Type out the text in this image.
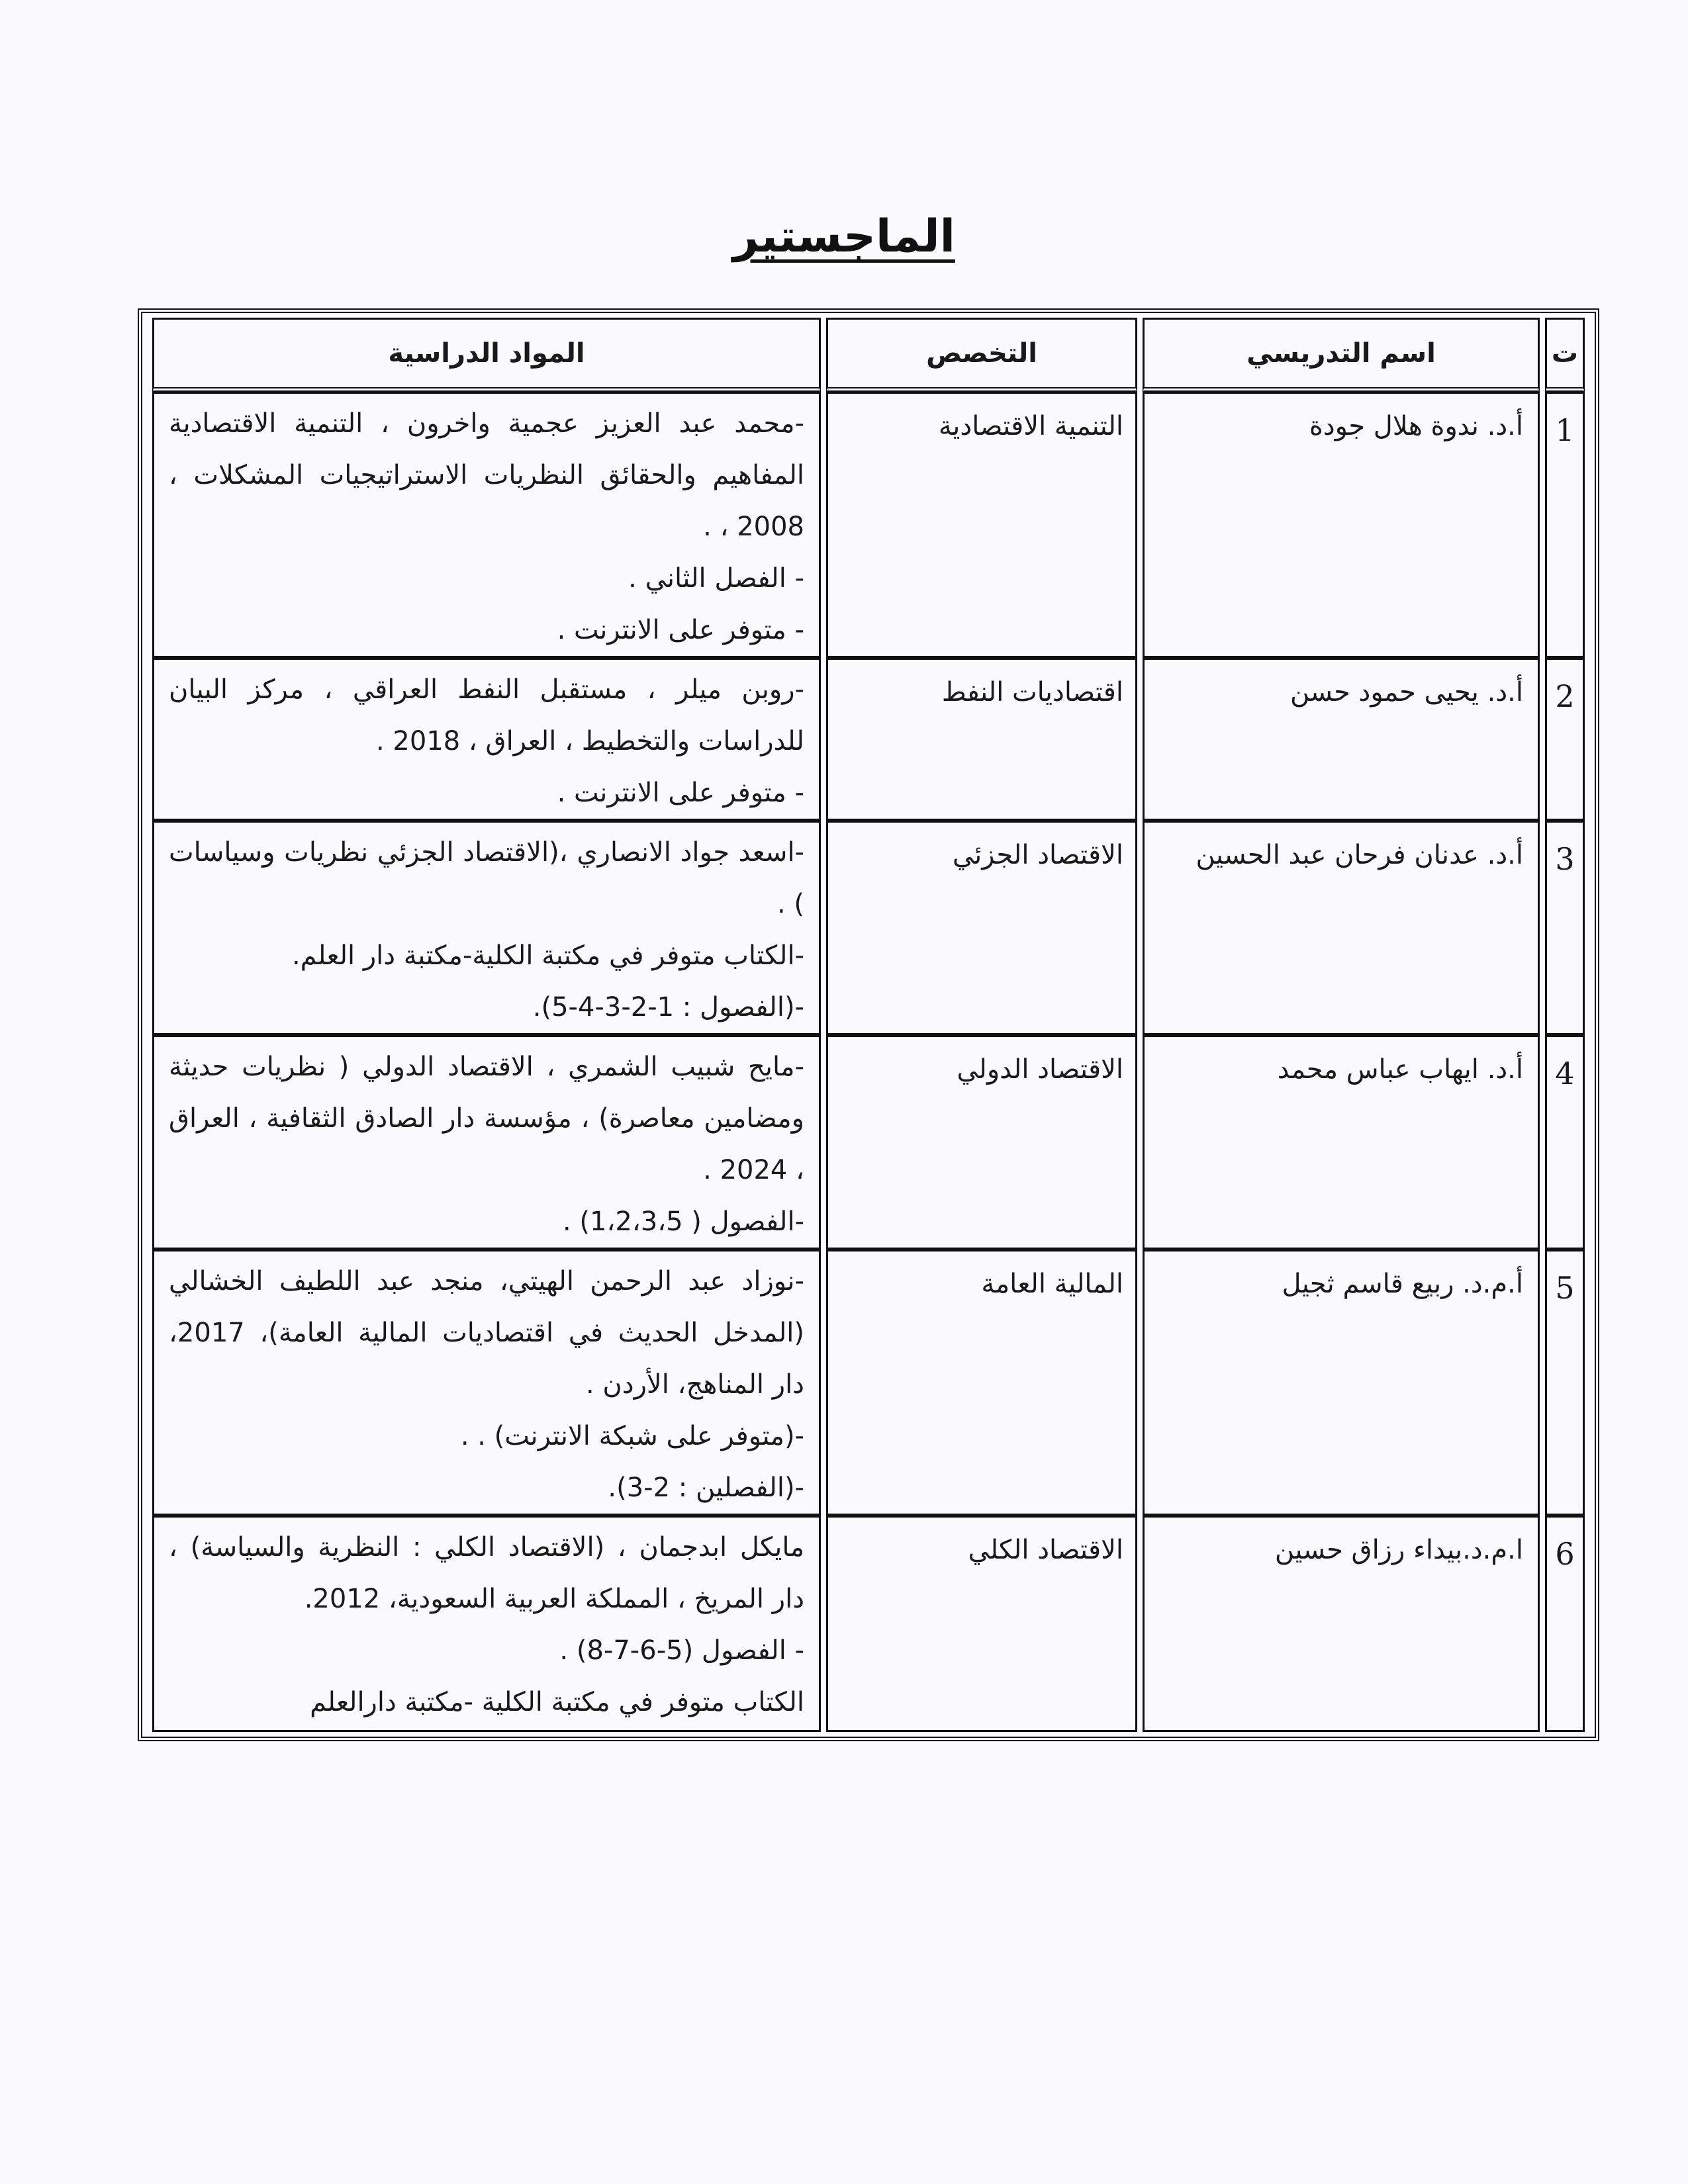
الماجستير
ت	اسم التدريسي	التخصص	المواد الدراسية
1	أ.د. ندوة هلال جودة	التنمية الاقتصادية	-محمد عبد العزيز عجمية واخرون ، التنمية الاقتصادية المفاهيم والحقائق النظريات الاستراتيجيات المشكلات ، 2008 ، .

- الفصل الثاني .

- متوفر على الانترنت .

2	أ.د. يحيى حمود حسن	اقتصاديات النفط	-روبن ميلر ، مستقبل النفط العراقي ، مركز البيان للدراسات والتخطيط ، العراق ، 2018 .

- متوفر على الانترنت .

3	أ.د. عدنان فرحان عبد الحسين	الاقتصاد الجزئي	-اسعد جواد الانصاري ،(الاقتصاد الجزئي نظريات وسياسات ) .

-الكتاب متوفر في مكتبة الكلية-مكتبة دار العلم.

-(الفصول : 1-2-3-4-5).

4	أ.د. ايهاب عباس محمد	الاقتصاد الدولي	-مايح شبيب الشمري ، الاقتصاد الدولي ( نظريات حديثة ومضامين معاصرة) ، مؤسسة دار الصادق الثقافية ، العراق ، 2024 .

-الفصول ( 1،2،3،5) .

5	أ.م.د. ربيع قاسم ثجيل	المالية العامة	-نوزاد عبد الرحمن الهيتي، منجد عبد اللطيف الخشالي (المدخل الحديث في اقتصاديات المالية العامة)، 2017، دار المناهج، الأردن .

-(متوفر على شبكة الانترنت) . .

-(الفصلين : 2-3).

6	ا.م.د.بيداء رزاق حسين	الاقتصاد الكلي	مايكل ابدجمان ، (الاقتصاد الكلي : النظرية والسياسة) ، دار المريخ ، المملكة العربية السعودية، 2012.

- الفصول (5-6-7-8) .

الكتاب متوفر في مكتبة الكلية -مكتبة دارالعلم
